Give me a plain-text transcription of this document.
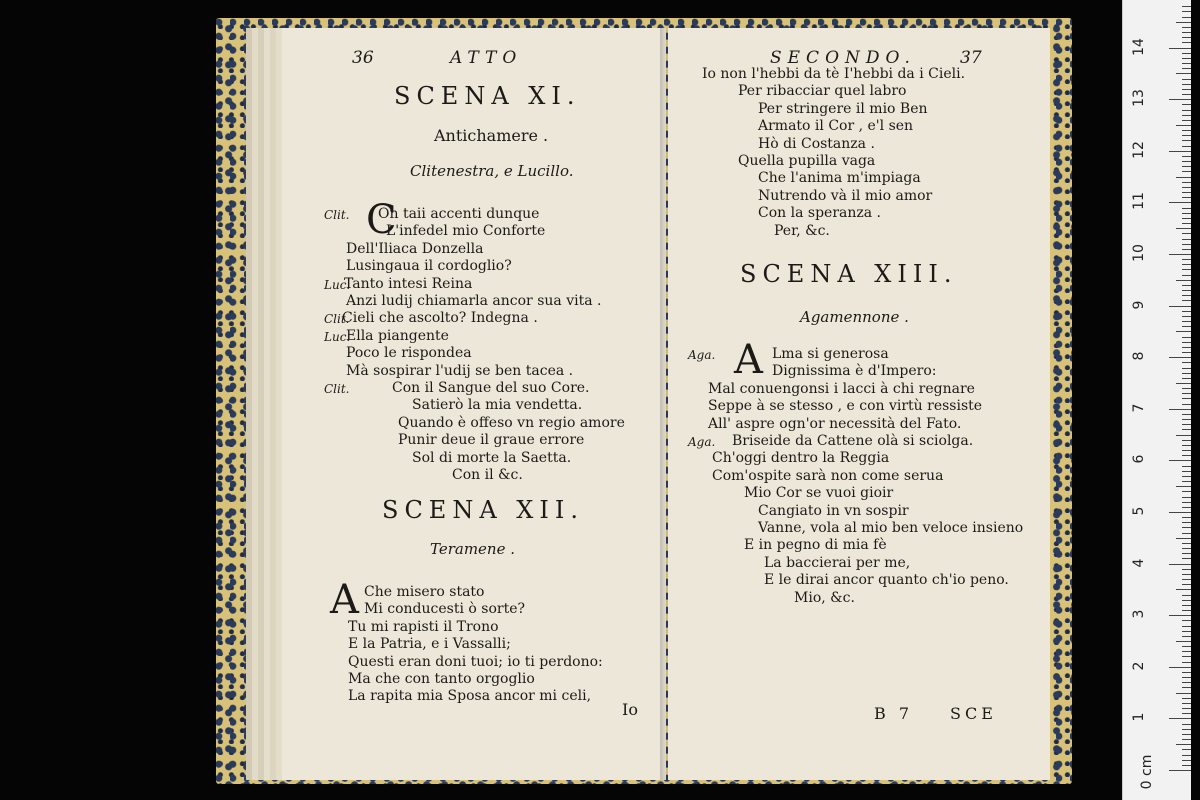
36	ATTO
SCENA XI.
Antichamere .
Clitenestra, e Lucillo.
Clit. C
On taii accenti dunque
L'infedel mio Conforte
Dell'Iliaca Donzella
Lusingaua il cordoglio?
Luc.
Tanto intesi Reina
Anzi ludij chiamarla ancor sua vita .
Clit.
Cieli che ascolto? Indegna .
Luc.
Ella piangente
Poco le rispondea
Mà sospirar l'udij se ben tacea .
Clit.	Con il Sangue del suo Core.
Satierò la mia vendetta.
Quando è offeso vn regio amore
Punir deue il graue errore
Sol di morte la Saetta.
Con il &c.
SCENA XII.
Teramene .
A Che misero stato
Mi conducesti ò sorte?
Tu mi rapisti il Trono
E la Patria, e i Vassalli;
Questi eran doni tuoi; io ti perdono:
Ma che con tanto orgoglio
La rapita mia Sposa ancor mi celi,
Io
SECONDO.	37
Io non l'hebbi da tè I'hebbi da i Cieli.
Per ribacciar quel labro
Per stringere il mio Ben
Armato il Cor , e'l sen
Hò di Costanza .
Quella pupilla vaga
Che l'anima m'impiaga
Nutrendo và il mio amor
Con la speranza .
Per, &c.
SCENA XIII.
Agamennone .
A
Aga.	Lma si generosa
Dignissima è d'Impero:
Mal conuengonsi i lacci à chi regnare
Seppe à se stesso , e con virtù ressiste
All' aspre ogn'or necessità del Fato.
Aga. Briseide da Cattene olà si sciolga.
Ch'oggi dentro la Reggia
Com'ospite sarà non come serua
Mio Cor se vuoi gioir
Cangiato in vn sospir
Vanne, vola al mio ben veloce insieno
E in pegno di mia fè
La baccierai per me,
E le dirai ancor quanto ch'io peno.
Mio, &c.
B 7 SCE
0 cm
1
2
3
4
5
6
7
8
9
10
11
12
13
14
